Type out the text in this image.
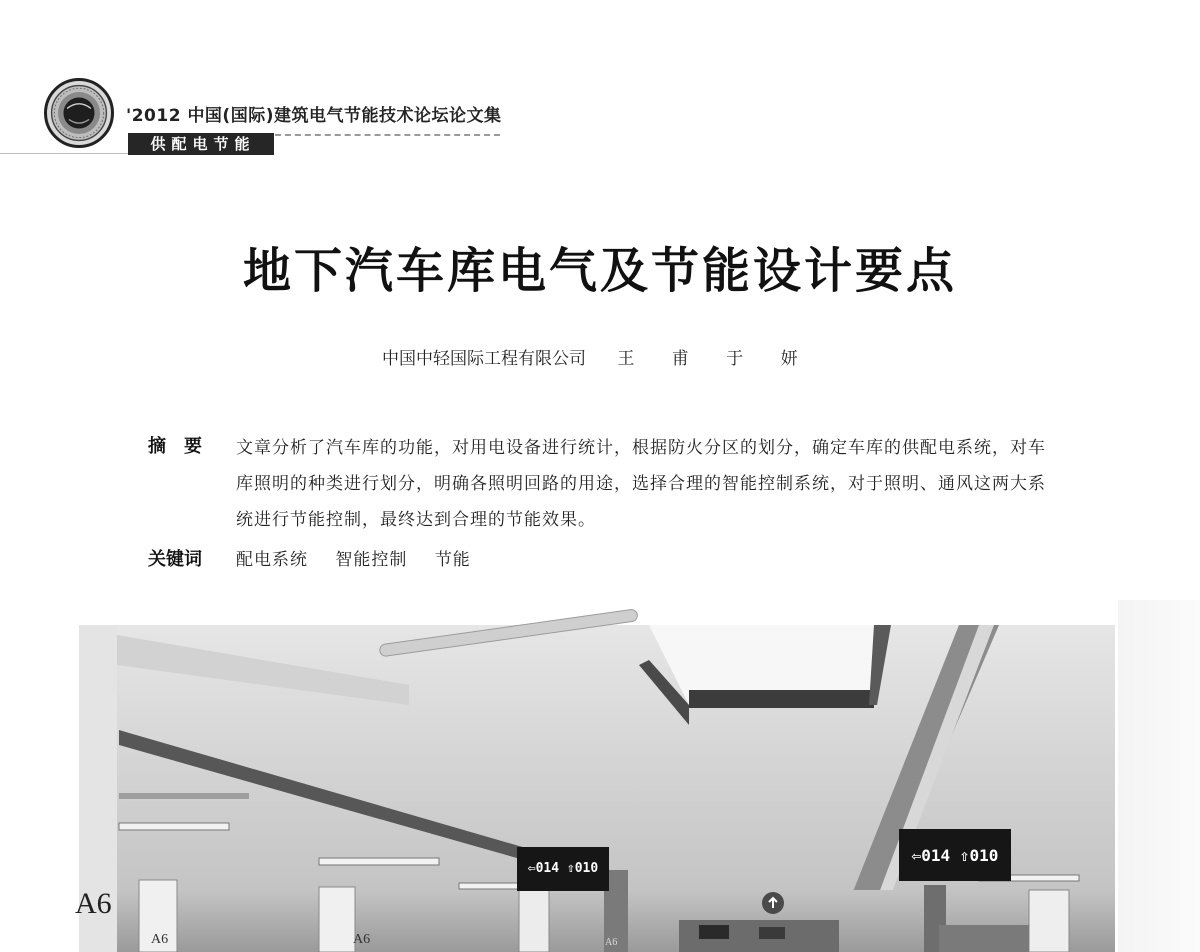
'2012 中国(国际)建筑电气节能技术论坛论文集
供配电节能
地下汽车库电气及节能设计要点
中国中轻国际工程有限公司 王 甫 于 妍
摘要 文章分析了汽车库的功能，对用电设备进行统计，根据防火分区的划分，确定车库的供配电系统，对车库照明的种类进行划分，明确各照明回路的用途，选择合理的智能控制系统，对于照明、通风这两大系统进行节能控制，最终达到合理的节能效果。
关键词 配电系统 智能控制 节能
⇦014 ⇧010
⇦014 ⇧010
A6
A6	A6	A6
